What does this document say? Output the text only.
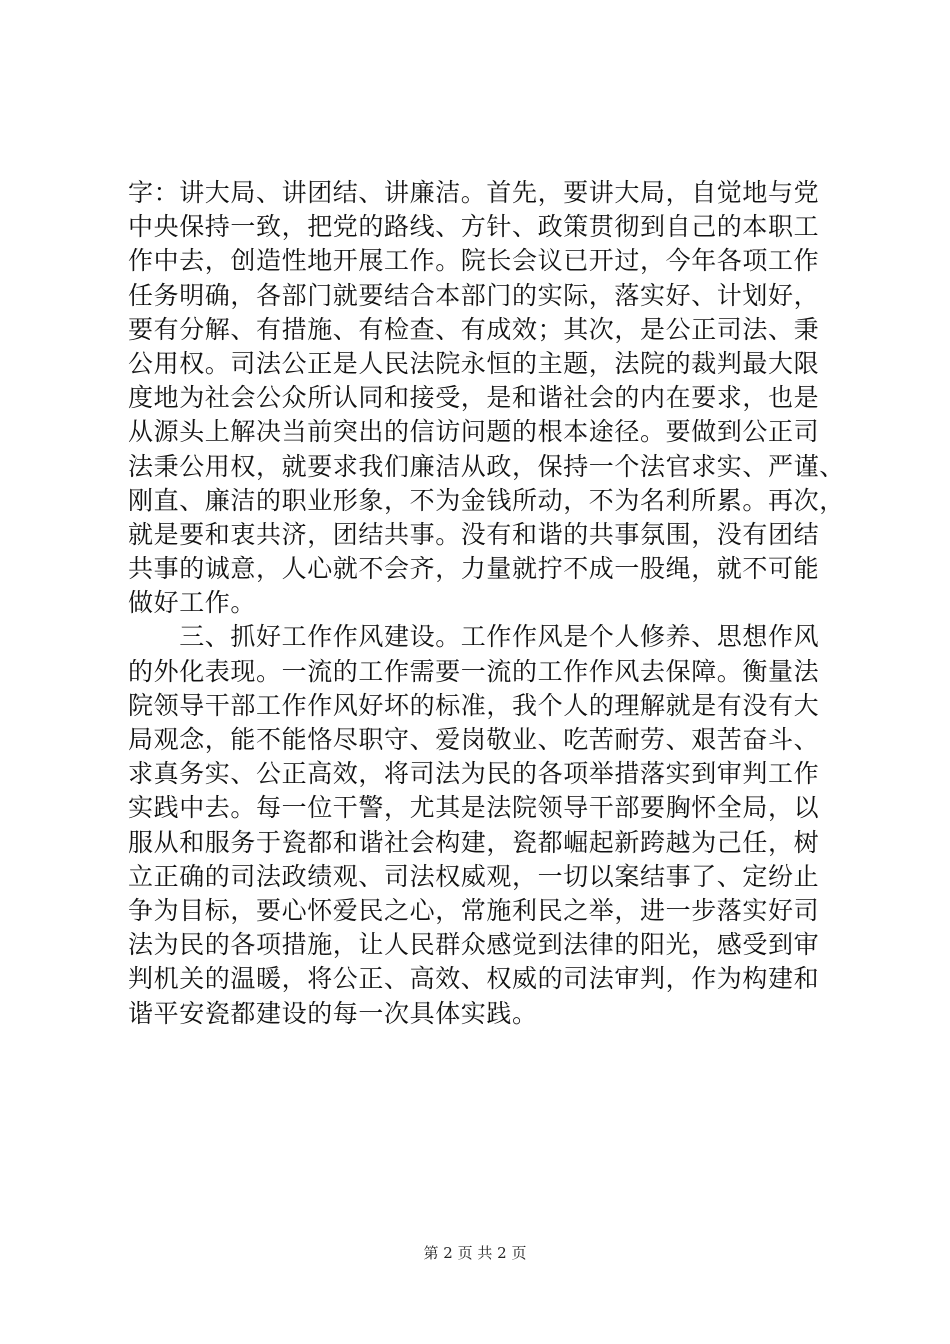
字：讲大局、讲团结、讲廉洁。首先，要讲大局，自觉地与党
中央保持一致，把党的路线、方针、政策贯彻到自己的本职工
作中去，创造性地开展工作。院长会议已开过，今年各项工作
任务明确，各部门就要结合本部门的实际，落实好、计划好，
要有分解、有措施、有检查、有成效；其次，是公正司法、秉
公用权。司法公正是人民法院永恒的主题，法院的裁判最大限
度地为社会公众所认同和接受，是和谐社会的内在要求，也是
从源头上解决当前突出的信访问题的根本途径。要做到公正司
法秉公用权，就要求我们廉洁从政，保持一个法官求实、严谨、
刚直、廉洁的职业形象，不为金钱所动，不为名利所累。再次，
就是要和衷共济，团结共事。没有和谐的共事氛围，没有团结
共事的诚意，人心就不会齐，力量就拧不成一股绳，就不可能
做好工作。
　　三、抓好工作作风建设。工作作风是个人修养、思想作风
的外化表现。一流的工作需要一流的工作作风去保障。衡量法
院领导干部工作作风好坏的标准，我个人的理解就是有没有大
局观念，能不能恪尽职守、爱岗敬业、吃苦耐劳、艰苦奋斗、
求真务实、公正高效，将司法为民的各项举措落实到审判工作
实践中去。每一位干警，尤其是法院领导干部要胸怀全局，以
服从和服务于瓷都和谐社会构建，瓷都崛起新跨越为己任，树
立正确的司法政绩观、司法权威观，一切以案结事了、定纷止
争为目标，要心怀爱民之心，常施利民之举，进一步落实好司
法为民的各项措施，让人民群众感觉到法律的阳光，感受到审
判机关的温暖，将公正、高效、权威的司法审判，作为构建和
谐平安瓷都建设的每一次具体实践。
第 2 页 共 2 页
